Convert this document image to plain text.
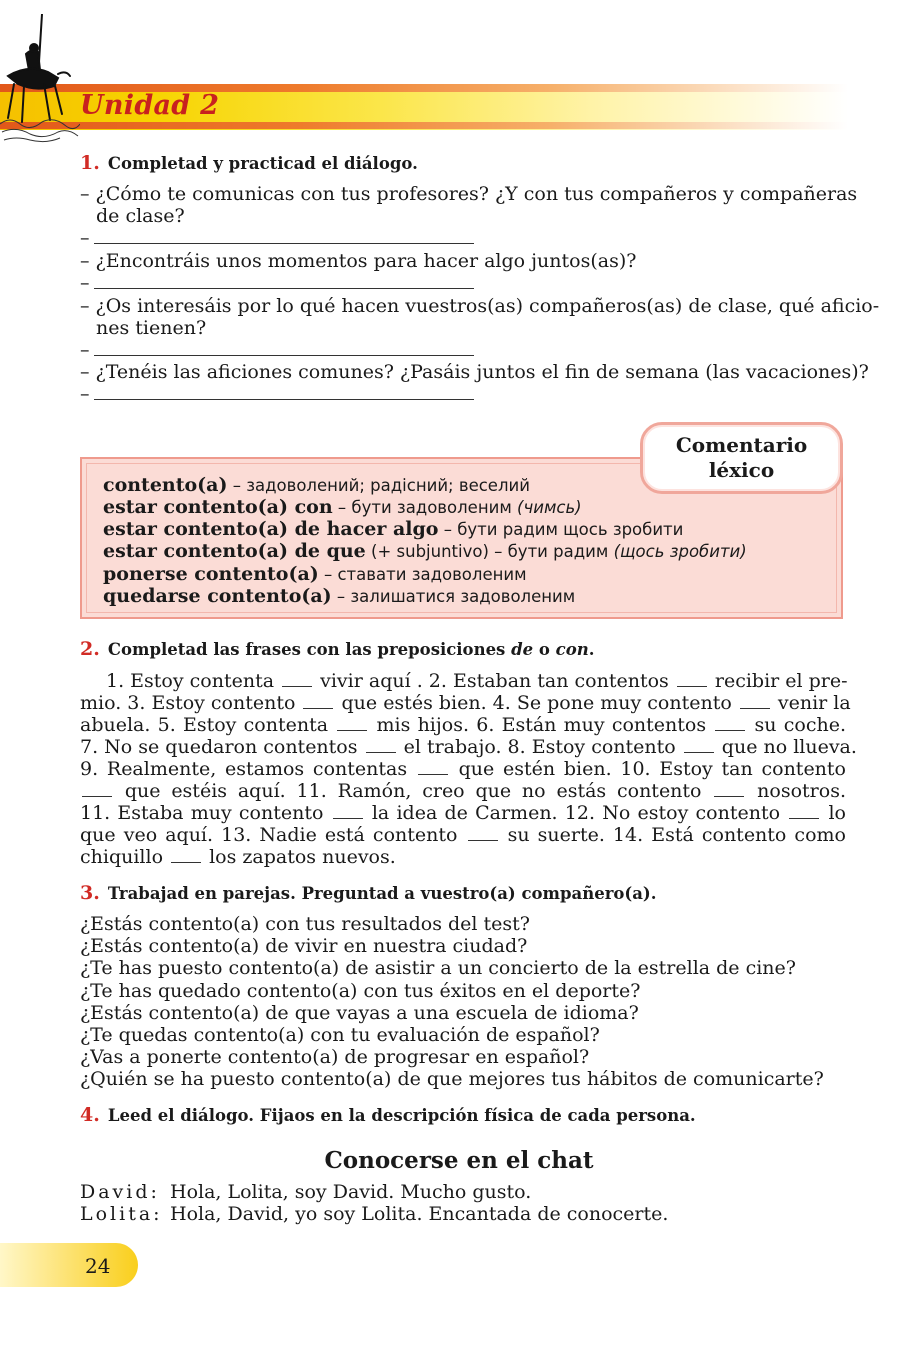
Unidad 2
1. Completad y practicad el diálogo.
– ¿Cómo te comunicas con tus profesores? ¿Y con tus compañeros y compañeras
de clase?
–
– ¿Encontráis unos momentos para hacer algo juntos(as)?
–
– ¿Os interesáis por lo qué hacen vuestros(as) compañeros(as) de clase, qué aficio-
nes tienen?
–
– ¿Tenéis las aficiones comunes? ¿Pasáis juntos el fin de semana (las vacaciones)?
–
Comentario
léxico
contento(a) – задоволений; радісний; веселий
estar contento(a) con – бути задоволеним (чимсь)
estar contento(a) de hacer algo – бути радим щось зробити
estar contento(a) de que (+ subjuntivo) – бути радим (щось зробити)
ponerse contento(a) – ставати задоволеним
quedarse contento(a) – залишатися задоволеним
2. Completad las frases con las preposiciones de o con.
1. Estoy contenta  vivir aquí . 2. Estaban tan contentos  recibir el pre-
mio. 3. Estoy contento  que estés bien. 4. Se pone muy contento  venir la
abuela. 5. Estoy contenta  mis hijos. 6. Están muy contentos  su coche.
7. No se quedaron contentos  el trabajo. 8. Estoy contento  que no llueva.
9. Realmente, estamos contentas  que estén bien. 10. Estoy tan contento
que estéis aquí. 11. Ramón, creo que no estás contento  nosotros.
11. Estaba muy contento  la idea de Carmen. 12. No estoy contento  lo
que veo aquí. 13. Nadie está contento  su suerte. 14. Está contento como
chiquillo  los zapatos nuevos.
3. Trabajad en parejas. Preguntad a vuestro(a) compañero(a).
¿Estás contento(a) con tus resultados del test?
¿Estás contento(a) de vivir en nuestra ciudad?
¿Te has puesto contento(a) de asistir a un concierto de la estrella de cine?
¿Te has quedado contento(a) con tus éxitos en el deporte?
¿Estás contento(a) de que vayas a una escuela de idioma?
¿Te quedas contento(a) con tu evaluación de español?
¿Vas a ponerte contento(a) de progresar en español?
¿Quién se ha puesto contento(a) de que mejores tus hábitos de comunicarte?
4. Leed el diálogo. Fijaos en la descripción física de cada persona.
Conocerse en el chat
David: Hola, Lolita, soy David. Mucho gusto.
Lolita: Hola, David, yo soy Lolita. Encantada de conocerte.
24
